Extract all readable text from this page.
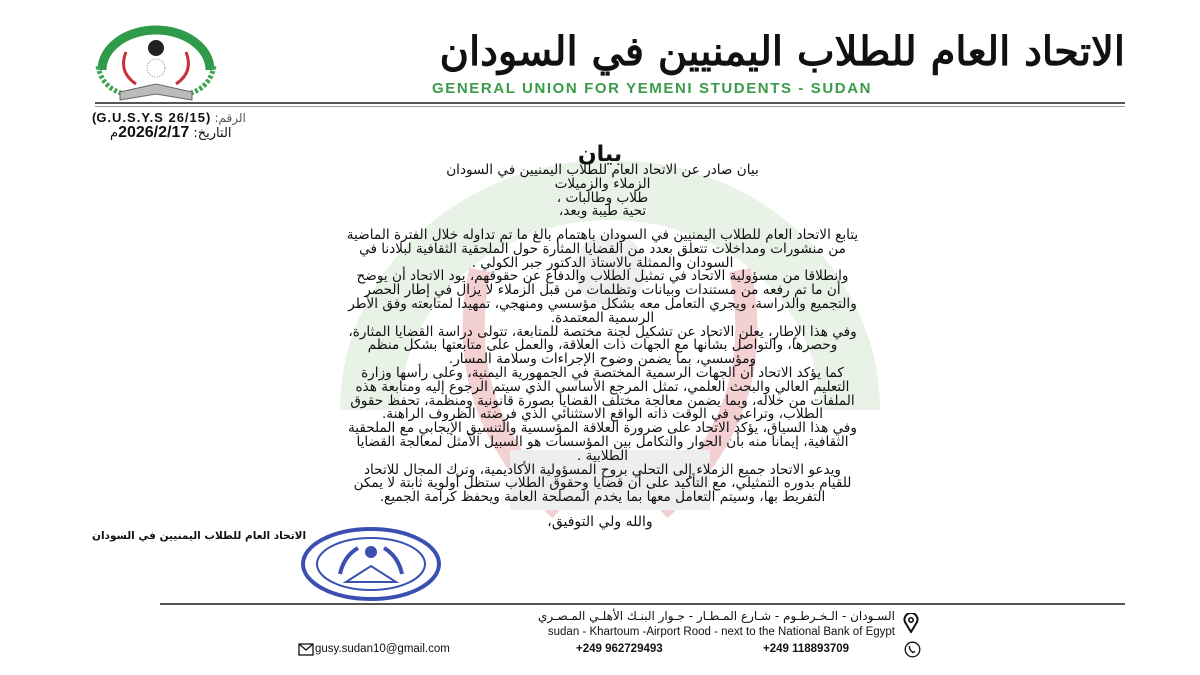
الاتحاد العام للطلاب اليمنيين في السودان
GENERAL UNION FOR YEMENI STUDENTS - SUDAN
الرقم: (G.U.S.Y.S 26/15)
التاريخ: 2026/2/17م
بيان
بيان صادر عن الاتحاد العام للطلاب اليمنيين في السودان
الزملاء والزميلات
طلاب وطالبات ،
تحية طيبة وبعد،
يتابع الاتحاد العام للطلاب اليمنيين في السودان باهتمام بالغ ما تم تداوله خلال الفترة الماضية
من منشورات ومداخلات تتعلق بعدد من القضايا المثارة حول الملحقية الثقافية لبلادنا في
السودان والممثلة بالاستاذ الدكتور جبر الكولي .
وانطلاقا من مسؤولية الاتحاد في تمثيل الطلاب والدفاع عن حقوقهم، يود الاتحاد أن يوضح
أن ما تم رفعه من مستندات وبيانات وتظلمات من قبل الزملاء لا يزال في إطار الحصر
والتجميع والدراسة، ويجري التعامل معه بشكل مؤسسي ومنهجي، تمهيدا لمتابعته وفق الأطر
الرسمية المعتمدة.
وفي هذا الإطار، يعلن الاتحاد عن تشكيل لجنة مختصة للمتابعة، تتولى دراسة القضايا المثارة،
وحصرها، والتواصل بشأنها مع الجهات ذات العلاقة، والعمل على متابعتها بشكل منظم
ومؤسسي، بما يضمن وضوح الإجراءات وسلامة المسار.
كما يؤكد الاتحاد أن الجهات الرسمية المختصة في الجمهورية اليمنية، وعلى رأسها وزارة
التعليم العالي والبحث العلمي، تمثل المرجع الأساسي الذي سيتم الرجوع إليه ومتابعة هذه
الملفات من خلاله، وبما يضمن معالجة مختلف القضايا بصورة قانونية ومنظمة، تحفظ حقوق
الطلاب، وتراعي في الوقت ذاته الواقع الاستثنائي الذي فرضته الظروف الراهنة.
وفي هذا السياق، يؤكد الاتحاد على ضرورة العلاقة المؤسسية والتنسيق الإيجابي مع الملحقية
الثقافية، إيمانا منه بأن الحوار والتكامل بين المؤسسات هو السبيل الأمثل لمعالجة القضايا
الطلابية .
ويدعو الاتحاد جميع الزملاء إلى التحلي بروح المسؤولية الأكاديمية، وترك المجال للاتحاد
للقيام بدوره التمثيلي، مع التأكيد على أن قضايا وحقوق الطلاب ستظل أولوية ثابتة لا يمكن
التفريط بها، وسيتم التعامل معها بما يخدم المصلحة العامة ويحفظ كرامة الجميع.
والله ولي التوفيق،
الاتحاد العام للطلاب اليمنيين في السودان
السـودان - الـخـرطـوم - شـارع المـطـار - جـوار البنـك الأهلـي المـصـري
sudan - Khartoum -Airport Rood - next to the National Bank of Egypt
gusy.sudan10@gmail.com	+249 962729493	+249 118893709
